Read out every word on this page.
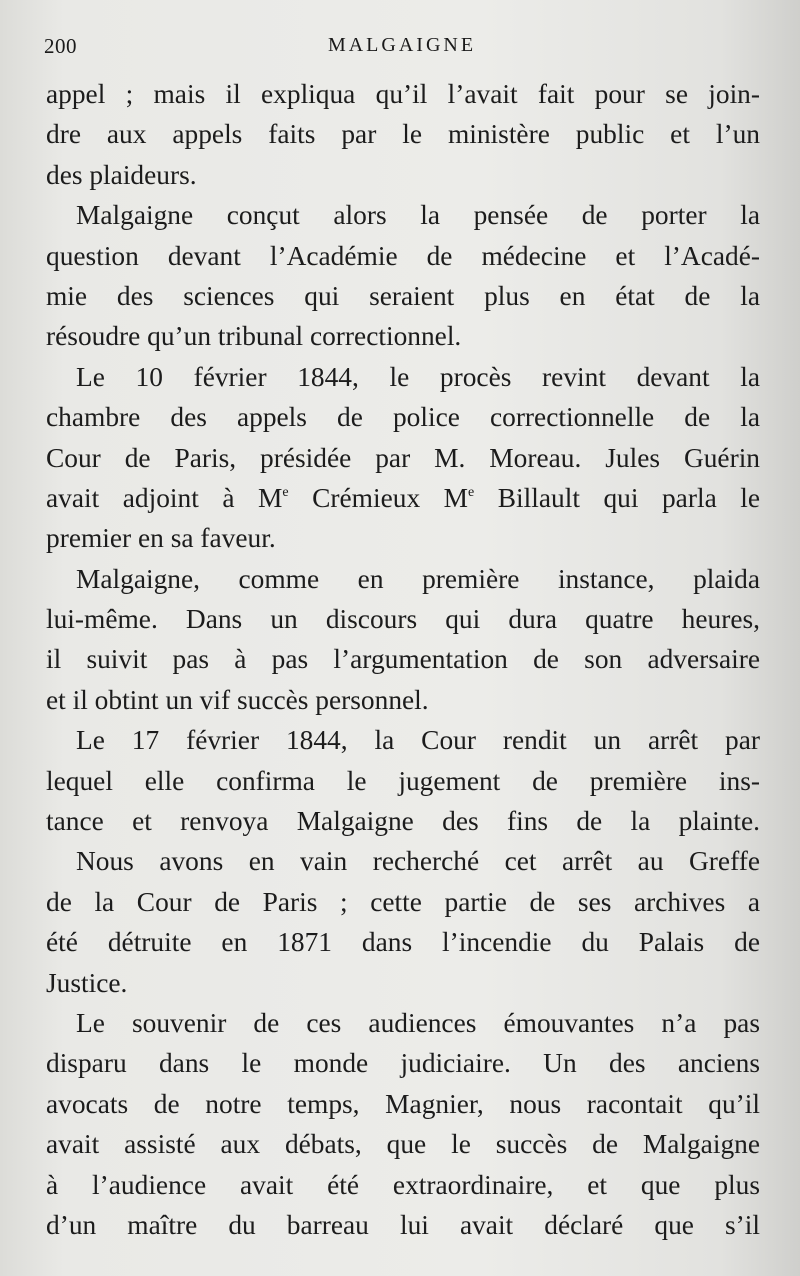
200	MALGAIGNE
appel ; mais il expliqua qu’il l’avait fait pour se join-
dre aux appels faits par le ministère public et l’un
des plaideurs.
Malgaigne conçut alors la pensée de porter la
question devant l’Académie de médecine et l’Acadé-
mie des sciences qui seraient plus en état de la
résoudre qu’un tribunal correctionnel.
Le 10 février 1844, le procès revint devant la
chambre des appels de police correctionnelle de la
Cour de Paris, présidée par M. Moreau. Jules Guérin
avait adjoint à Me Crémieux Me Billault qui parla le
premier en sa faveur.
Malgaigne, comme en première instance, plaida
lui-même. Dans un discours qui dura quatre heures,
il suivit pas à pas l’argumentation de son adversaire
et il obtint un vif succès personnel.
Le 17 février 1844, la Cour rendit un arrêt par
lequel elle confirma le jugement de première ins-
tance et renvoya Malgaigne des fins de la plainte.
Nous avons en vain recherché cet arrêt au Greffe
de la Cour de Paris ; cette partie de ses archives a
été détruite en 1871 dans l’incendie du Palais de
Justice.
Le souvenir de ces audiences émouvantes n’a pas
disparu dans le monde judiciaire. Un des anciens
avocats de notre temps, Magnier, nous racontait qu’il
avait assisté aux débats, que le succès de Malgaigne
à l’audience avait été extraordinaire, et que plus
d’un maître du barreau lui avait déclaré que s’il
